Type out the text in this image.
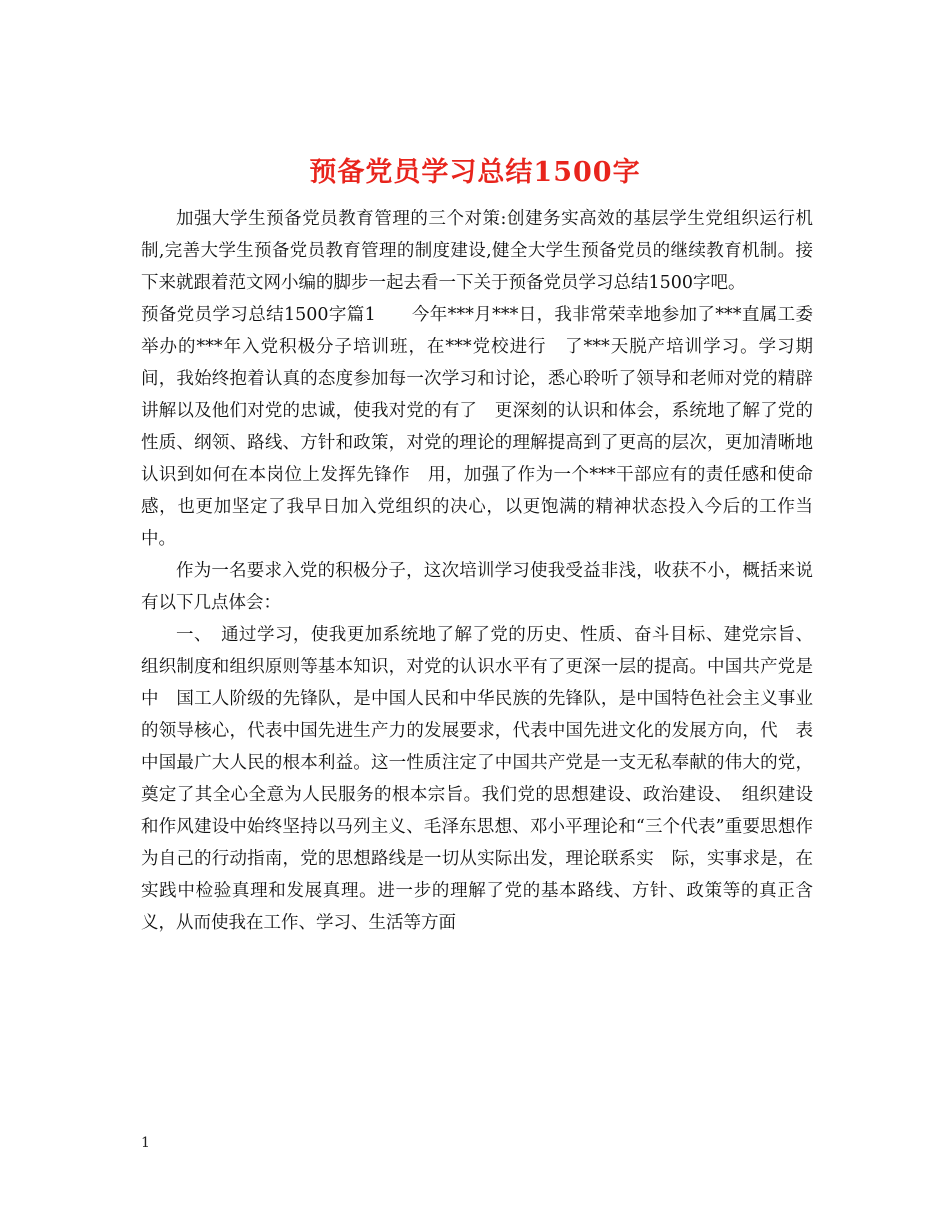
预备党员学习总结1500字

加强大学生预备党员教育管理的三个对策:创建务实高效的基层学生党组织运行机制,完善大学生预备党员教育管理的制度建设,健全大学生预备党员的继续教育机制。接下来就跟着范文网小编的脚步一起去看一下关于预备党员学习总结1500字吧。

预备党员学习总结1500字篇1　　今年***月***日，我非常荣幸地参加了***直属工委举办的***年入党积极分子培训班，在***党校进行　了***天脱产培训学习。学习期间，我始终抱着认真的态度参加每一次学习和讨论，悉心聆听了领导和老师对党的精辟讲解以及他们对党的忠诚，使我对党的有了　更深刻的认识和体会，系统地了解了党的性质、纲领、路线、方针和政策，对党的理论的理解提高到了更高的层次，更加清晰地认识到如何在本岗位上发挥先锋作　用，加强了作为一个***干部应有的责任感和使命感，也更加坚定了我早日加入党组织的决心，以更饱满的精神状态投入今后的工作当中。

作为一名要求入党的积极分子，这次培训学习使我受益非浅，收获不小，概括来说有以下几点体会：

一、　通过学习，使我更加系统地了解了党的历史、性质、奋斗目标、建党宗旨、组织制度和组织原则等基本知识，对党的认识水平有了更深一层的提高。中国共产党是中　国工人阶级的先锋队，是中国人民和中华民族的先锋队，是中国特色社会主义事业的领导核心，代表中国先进生产力的发展要求，代表中国先进文化的发展方向，代　表中国最广大人民的根本利益。这一性质注定了中国共产党是一支无私奉献的伟大的党，奠定了其全心全意为人民服务的根本宗旨。我们党的思想建设、政治建设、　组织建设和作风建设中始终坚持以马列主义、毛泽东思想、邓小平理论和“三个代表”重要思想作为自己的行动指南，党的思想路线是一切从实际出发，理论联系实　际，实事求是，在实践中检验真理和发展真理。进一步的理解了党的基本路线、方针、政策等的真正含义，从而使我在工作、学习、生活等方面

1
